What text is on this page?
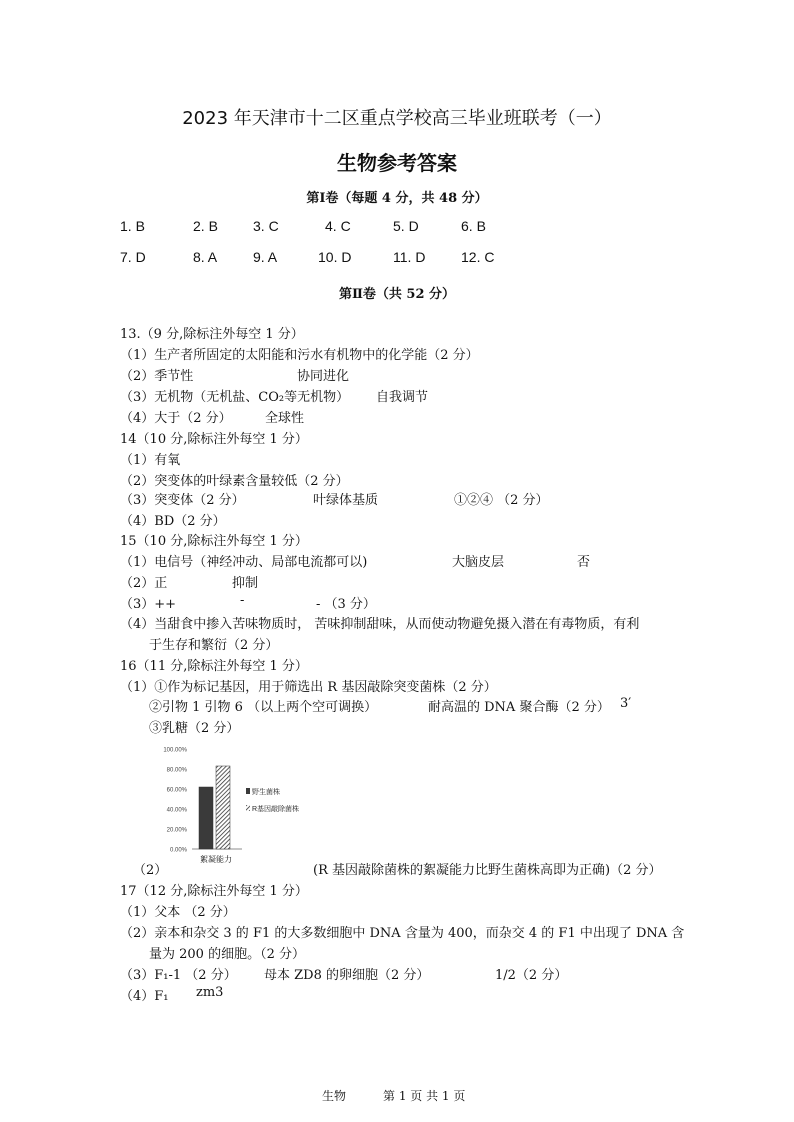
2023 年天津市十二区重点学校高三毕业班联考（一）
生物参考答案
第Ⅰ卷（每题 4 分，共 48 分）
1. B	2. B	3. C	4. C	5. D	6. B
7. D	8. A	9. A	10. D	11. D	12. C
第Ⅱ卷（共 52 分）
13.（9 分,除标注外每空 1 分）
（1）生产者所固定的太阳能和污水有机物中的化学能（2 分）
（2）季节性	协同进化
（3）无机物（无机盐、CO₂等无机物） 自我调节
（4）大于（2 分）	全球性
14（10 分,除标注外每空 1 分）
（1）有氧
（2）突变体的叶绿素含量较低（2 分）
（3）突变体（2 分）	叶绿体基质	①②④ （2 分）
（4）BD（2 分）
15（10 分,除标注外每空 1 分）
（1）电信号（神经冲动、局部电流都可以)	大脑皮层	否
（2）正	抑制
（3）++	-	- （3 分）
（4）当甜食中掺入苦味物质时， 苦味抑制甜味，从而使动物避免摄入潜在有毒物质，有利
于生存和繁衍（2 分）
16（11 分,除标注外每空 1 分）
（1）①作为标记基因，用于筛选出 R 基因敲除突变菌株（2 分）
②引物 1 引物 6 （以上两个空可调换）	耐高温的 DNA 聚合酶（2 分） 3′
③乳糖（2 分）
100.00%
80.00%
60.00%
40.00%
20.00%
0.00%
野生菌株
R基因敲除菌株
絮凝能力
（2）	(R 基因敲除菌株的絮凝能力比野生菌株高即为正确)（2 分）
17（12 分,除标注外每空 1 分）
（1）父本 （2 分）
（2）亲本和杂交 3 的 F1 的大多数细胞中 DNA 含量为 400，而杂交 4 的 F1 中出现了 DNA 含
量为 200 的细胞。（2 分）
（3）F₁-1 （2 分） 母本 ZD8 的卵细胞（2 分）	1/2（2 分）
（4）F₁ zm3
生物	第 1 页 共 1 页
